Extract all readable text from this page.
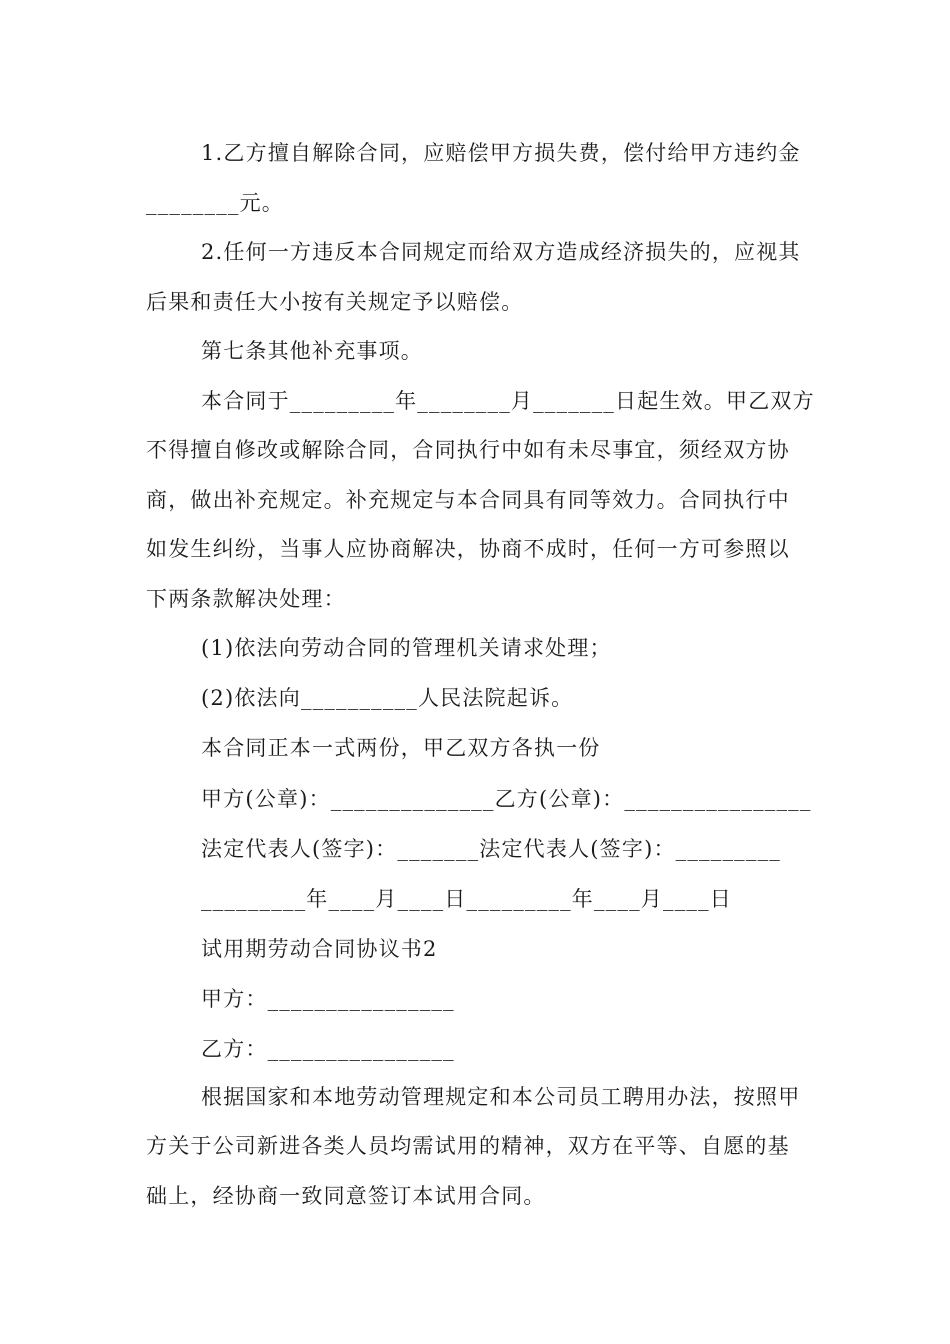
1.乙方擅自解除合同，应赔偿甲方损失费，偿付给甲方违约金
________元。
2.任何一方违反本合同规定而给双方造成经济损失的，应视其
后果和责任大小按有关规定予以赔偿。
第七条其他补充事项。
本合同于_________年________月_______日起生效。甲乙双方
不得擅自修改或解除合同，合同执行中如有未尽事宜，须经双方协
商，做出补充规定。补充规定与本合同具有同等效力。合同执行中
如发生纠纷，当事人应协商解决，协商不成时，任何一方可参照以
下两条款解决处理：
(1)依法向劳动合同的管理机关请求处理；
(2)依法向__________人民法院起诉。
本合同正本一式两份，甲乙双方各执一份
甲方(公章)：______________乙方(公章)：________________
法定代表人(签字)：_______法定代表人(签字)：_________
_________年____月____日_________年____月____日
试用期劳动合同协议书2
甲方：________________
乙方：________________
根据国家和本地劳动管理规定和本公司员工聘用办法，按照甲
方关于公司新进各类人员均需试用的精神，双方在平等、自愿的基
础上，经协商一致同意签订本试用合同。
